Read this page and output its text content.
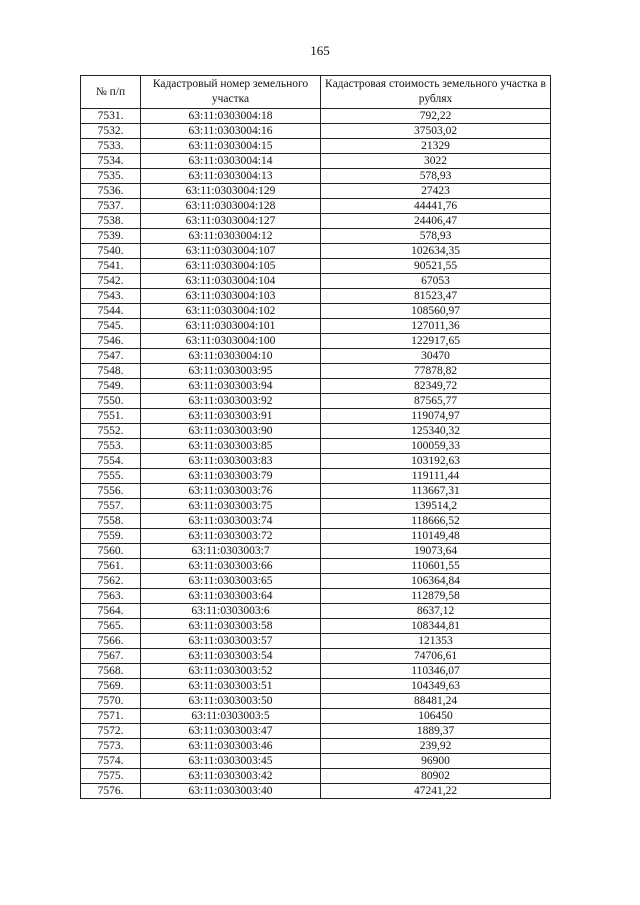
165
№ п/п	Кадастровый номер земельного участка	Кадастровая стоимость земельного участка в рублях
7531.	63:11:0303004:18	792,22
7532.	63:11:0303004:16	37503,02
7533.	63:11:0303004:15	21329
7534.	63:11:0303004:14	3022
7535.	63:11:0303004:13	578,93
7536.	63:11:0303004:129	27423
7537.	63:11:0303004:128	44441,76
7538.	63:11:0303004:127	24406,47
7539.	63:11:0303004:12	578,93
7540.	63:11:0303004:107	102634,35
7541.	63:11:0303004:105	90521,55
7542.	63:11:0303004:104	67053
7543.	63:11:0303004:103	81523,47
7544.	63:11:0303004:102	108560,97
7545.	63:11:0303004:101	127011,36
7546.	63:11:0303004:100	122917,65
7547.	63:11:0303004:10	30470
7548.	63:11:0303003:95	77878,82
7549.	63:11:0303003:94	82349,72
7550.	63:11:0303003:92	87565,77
7551.	63:11:0303003:91	119074,97
7552.	63:11:0303003:90	125340,32
7553.	63:11:0303003:85	100059,33
7554.	63:11:0303003:83	103192,63
7555.	63:11:0303003:79	119111,44
7556.	63:11:0303003:76	113667,31
7557.	63:11:0303003:75	139514,2
7558.	63:11:0303003:74	118666,52
7559.	63:11:0303003:72	110149,48
7560.	63:11:0303003:7	19073,64
7561.	63:11:0303003:66	110601,55
7562.	63:11:0303003:65	106364,84
7563.	63:11:0303003:64	112879,58
7564.	63:11:0303003:6	8637,12
7565.	63:11:0303003:58	108344,81
7566.	63:11:0303003:57	121353
7567.	63:11:0303003:54	74706,61
7568.	63:11:0303003:52	110346,07
7569.	63:11:0303003:51	104349,63
7570.	63:11:0303003:50	88481,24
7571.	63:11:0303003:5	106450
7572.	63:11:0303003:47	1889,37
7573.	63:11:0303003:46	239,92
7574.	63:11:0303003:45	96900
7575.	63:11:0303003:42	80902
7576.	63:11:0303003:40	47241,22
